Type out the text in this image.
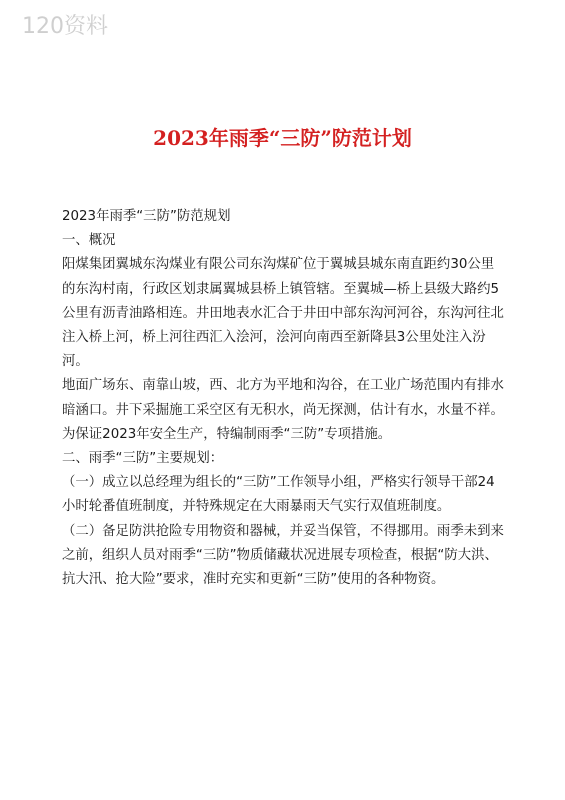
120资料
2023年雨季“三防”防范计划

2023年雨季“三防”防范规划

一、概况

阳煤集团翼城东沟煤业有限公司东沟煤矿位于翼城县城东南直距约30公里的东沟村南，行政区划隶属翼城县桥上镇管辖。至翼城—桥上县级大路约5公里有沥青油路相连。井田地表水汇合于井田中部东沟河河谷，东沟河往北注入桥上河，桥上河往西汇入浍河，浍河向南西至新降县3公里处注入汾河。

地面广场东、南靠山坡，西、北方为平地和沟谷，在工业广场范围内有排水暗涵口。井下采掘施工采空区有无积水，尚无探测，估计有水，水量不祥。为保证2023年安全生产，特编制雨季“三防”专项措施。

二、雨季“三防”主要规划：

（一）成立以总经理为组长的“三防”工作领导小组，严格实行领导干部24小时轮番值班制度，并特殊规定在大雨暴雨天气实行双值班制度。

（二）备足防洪抢险专用物资和器械，并妥当保管，不得挪用。雨季未到来之前，组织人员对雨季“三防”物质储藏状况进展专项检查，根据“防大洪、抗大汛、抢大险”要求，准时充实和更新“三防”使用的各种物资。
